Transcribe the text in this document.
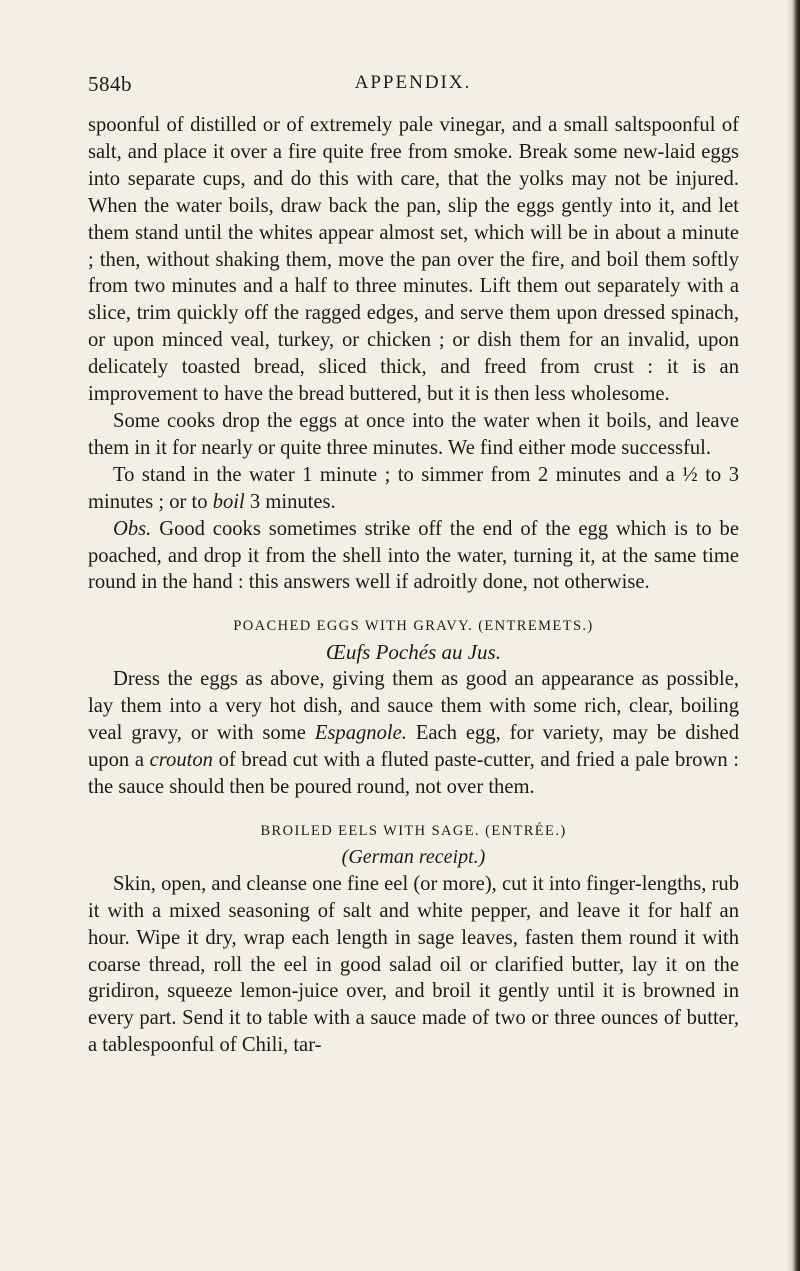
584b	APPENDIX.

spoonful of distilled or of extremely pale vinegar, and a small saltspoonful of salt, and place it over a fire quite free from smoke. Break some new-laid eggs into separate cups, and do this with care, that the yolks may not be injured. When the water boils, draw back the pan, slip the eggs gently into it, and let them stand until the whites appear almost set, which will be in about a minute ; then, without shaking them, move the pan over the fire, and boil them softly from two minutes and a half to three minutes. Lift them out separately with a slice, trim quickly off the ragged edges, and serve them upon dressed spinach, or upon minced veal, turkey, or chicken ; or dish them for an invalid, upon delicately toasted bread, sliced thick, and freed from crust : it is an improvement to have the bread buttered, but it is then less wholesome.

Some cooks drop the eggs at once into the water when it boils, and leave them in it for nearly or quite three minutes. We find either mode successful.

To stand in the water 1 minute ; to simmer from 2 minutes and a ½ to 3 minutes ; or to boil 3 minutes.

Obs. Good cooks sometimes strike off the end of the egg which is to be poached, and drop it from the shell into the water, turning it, at the same time round in the hand : this answers well if adroitly done, not otherwise.

POACHED EGGS WITH GRAVY. (ENTREMETS.)
Œufs Pochés au Jus.

Dress the eggs as above, giving them as good an appearance as possible, lay them into a very hot dish, and sauce them with some rich, clear, boiling veal gravy, or with some Espagnole. Each egg, for variety, may be dished upon a crouton of bread cut with a fluted paste-cutter, and fried a pale brown : the sauce should then be poured round, not over them.

BROILED EELS WITH SAGE. (ENTRÉE.)
(German receipt.)

Skin, open, and cleanse one fine eel (or more), cut it into finger-lengths, rub it with a mixed seasoning of salt and white pepper, and leave it for half an hour. Wipe it dry, wrap each length in sage leaves, fasten them round it with coarse thread, roll the eel in good salad oil or clarified butter, lay it on the gridiron, squeeze lemon-juice over, and broil it gently until it is browned in every part. Send it to table with a sauce made of two or three ounces of butter, a tablespoonful of Chili, tar-
